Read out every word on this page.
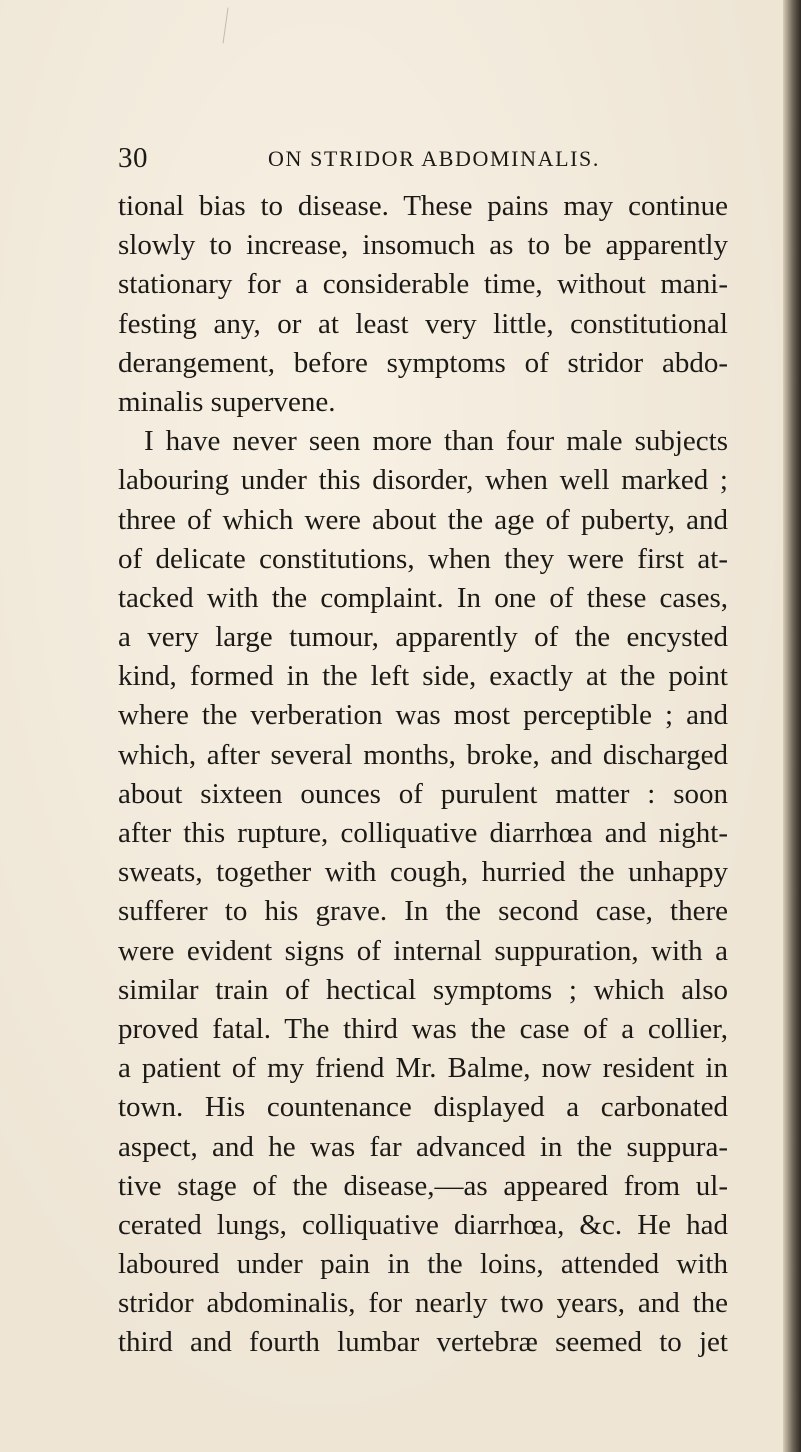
30	ON STRIDOR ABDOMINALIS.
tional bias to disease. These pains may continue
slowly to increase, insomuch as to be apparently
stationary for a considerable time, without mani-
festing any, or at least very little, constitutional
derangement, before symptoms of stridor abdo-
minalis supervene.
I have never seen more than four male subjects
labouring under this disorder, when well marked ;
three of which were about the age of puberty, and
of delicate constitutions, when they were first at-
tacked with the complaint. In one of these cases,
a very large tumour, apparently of the encysted
kind, formed in the left side, exactly at the point
where the verberation was most perceptible ; and
which, after several months, broke, and discharged
about sixteen ounces of purulent matter : soon
after this rupture, colliquative diarrhœa and night-
sweats, together with cough, hurried the unhappy
sufferer to his grave. In the second case, there
were evident signs of internal suppuration, with a
similar train of hectical symptoms ; which also
proved fatal. The third was the case of a collier,
a patient of my friend Mr. Balme, now resident in
town. His countenance displayed a carbonated
aspect, and he was far advanced in the suppura-
tive stage of the disease,—as appeared from ul-
cerated lungs, colliquative diarrhœa, &c. He had
laboured under pain in the loins, attended with
stridor abdominalis, for nearly two years, and the
third and fourth lumbar vertebræ seemed to jet
